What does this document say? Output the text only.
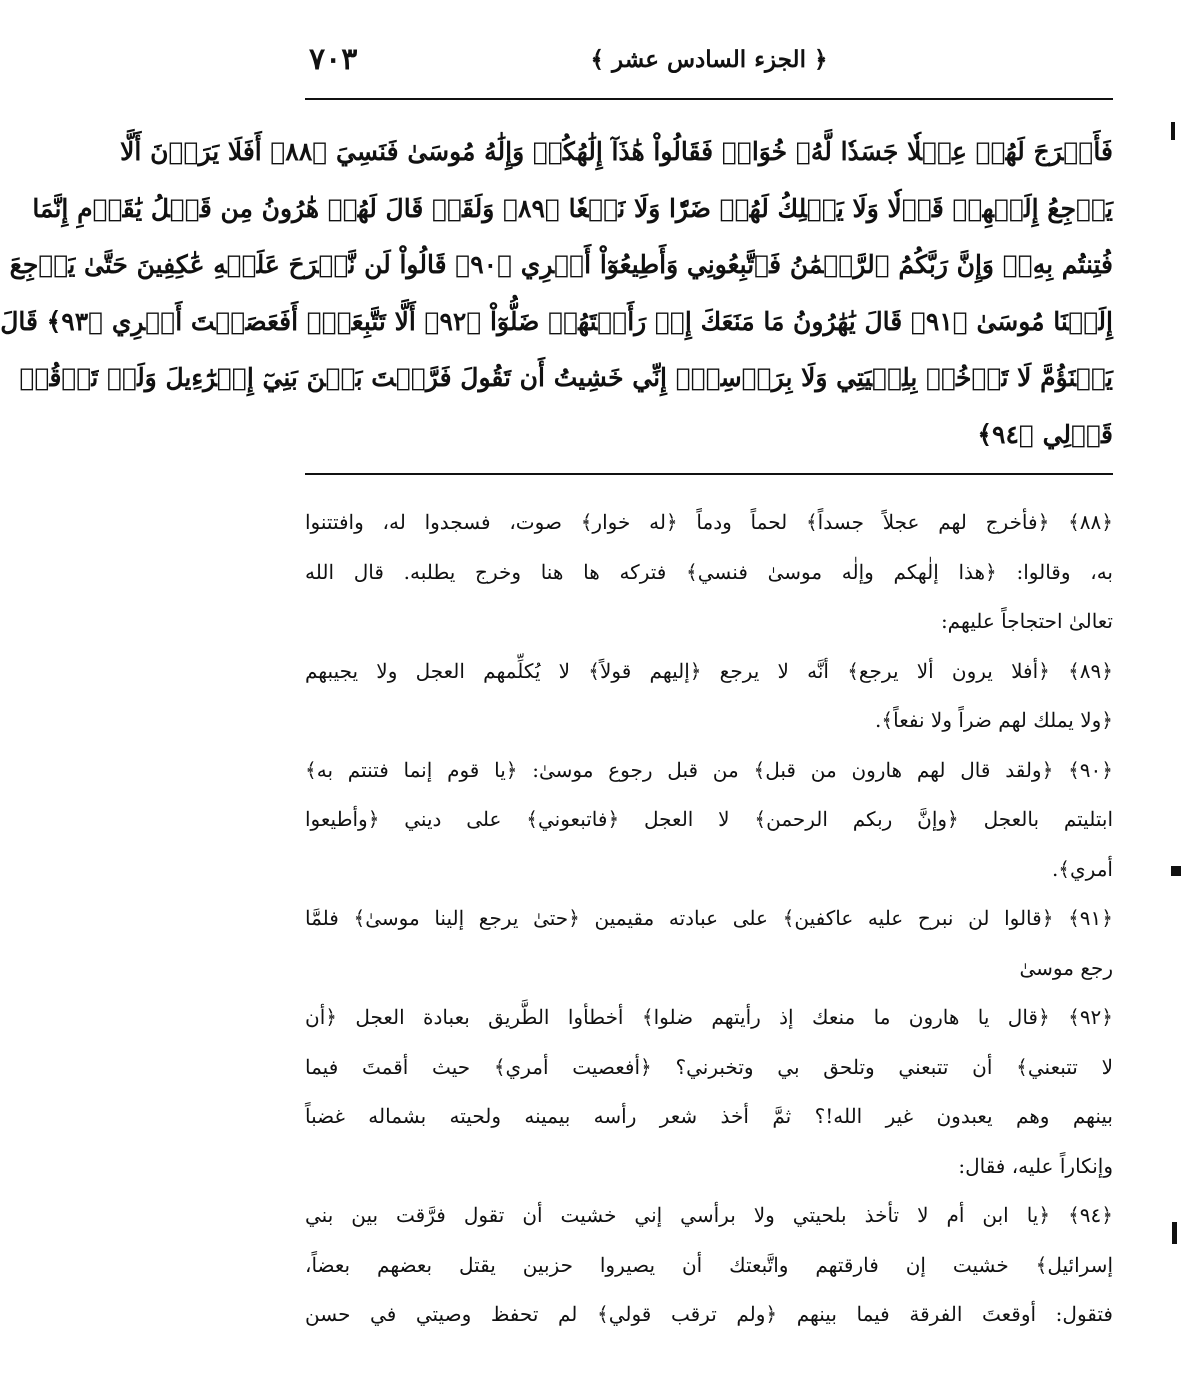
٧٠٣	﴿ الجزء السادس عشر ﴾
فَأَخۡرَجَ لَهُمۡ عِجۡلٗا جَسَدٗا لَّهُۥ خُوَارٞ فَقَالُواْ هَٰذَآ إِلَٰهُكُمۡ وَإِلَٰهُ مُوسَىٰ فَنَسِيَ ﴿٨٨﴾ أَفَلَا يَرَوۡنَ أَلَّا
يَرۡجِعُ إِلَيۡهِمۡ قَوۡلٗا وَلَا يَمۡلِكُ لَهُمۡ ضَرّٗا وَلَا نَفۡعٗا ﴿٨٩﴾ وَلَقَدۡ قَالَ لَهُمۡ هَٰرُونُ مِن قَبۡلُ يَٰقَوۡمِ إِنَّمَا
فُتِنتُم بِهِۦۖ وَإِنَّ رَبَّكُمُ ٱلرَّحۡمَٰنُ فَٱتَّبِعُونِي وَأَطِيعُوٓاْ أَمۡرِي ﴿٩٠﴾ قَالُواْ لَن نَّبۡرَحَ عَلَيۡهِ عَٰكِفِينَ حَتَّىٰ يَرۡجِعَ
إِلَيۡنَا مُوسَىٰ ﴿٩١﴾ قَالَ يَٰهَٰرُونُ مَا مَنَعَكَ إِذۡ رَأَيۡتَهُمۡ ضَلُّوٓاْ ﴿٩٢﴾ أَلَّا تَتَّبِعَنِۖ أَفَعَصَيۡتَ أَمۡرِي ﴿٩٣﴾ قَالَ
يَبۡنَؤُمَّ لَا تَأۡخُذۡ بِلِحۡيَتِي وَلَا بِرَأۡسِيٓۖ إِنِّي خَشِيتُ أَن تَقُولَ فَرَّقۡتَ بَيۡنَ بَنِيٓ إِسۡرَٰٓءِيلَ وَلَمۡ تَرۡقُبۡ
قَوۡلِي ﴿٩٤﴾
﴿٨٨﴾ ﴿فأخرج لهم عجلاً جسداً﴾ لحماً ودماً ﴿له خوار﴾ صوت، فسجدوا له، وافتتنوا
به، وقالوا: ﴿هذا إلٰهكم وإلٰه موسىٰ فنسي﴾ فتركه ها هنا وخرج يطلبه. قال الله
تعالىٰ احتجاجاً عليهم:
﴿٨٩﴾ ﴿أفلا يرون ألا يرجع﴾ أنَّه لا يرجع ﴿إليهم قولاً﴾ لا يُكلِّمهم العجل ولا يجيبهم
﴿ولا يملك لهم ضراً ولا نفعاً﴾.
﴿٩٠﴾ ﴿ولقد قال لهم هارون من قبل﴾ من قبل رجوع موسىٰ: ﴿يا قوم إنما فتنتم به﴾
ابتليتم بالعجل ﴿وإنَّ ربكم الرحمن﴾ لا العجل ﴿فاتبعوني﴾ على ديني ﴿وأطيعوا
أمري﴾.
﴿٩١﴾ ﴿قالوا لن نبرح عليه عاكفين﴾ على عبادته مقيمين ﴿حتىٰ يرجع إلينا موسىٰ﴾ فلمَّا
رجع موسىٰ
﴿٩٢﴾ ﴿قال يا هارون ما منعك إذ رأيتهم ضلوا﴾ أخطأوا الطَّريق بعبادة العجل ﴿أن
لا تتبعني﴾ أن تتبعني وتلحق بي وتخبرني؟ ﴿أفعصيت أمري﴾ حيث أقمتَ فيما
بينهم وهم يعبدون غير الله!؟ ثمَّ أخذ شعر رأسه بيمينه ولحيته بشماله غضباً
وإنكاراً عليه، فقال:
﴿٩٤﴾ ﴿يا ابن أم لا تأخذ بلحيتي ولا برأسي إني خشيت أن تقول فرَّقت بين بني
إسرائيل﴾ خشيت إن فارقتهم واتَّبعتك أن يصيروا حزبين يقتل بعضهم بعضاً،
فتقول: أوقعتَ الفرقة فيما بينهم ﴿ولم ترقب قولي﴾ لم تحفظ وصيتي في حسن
